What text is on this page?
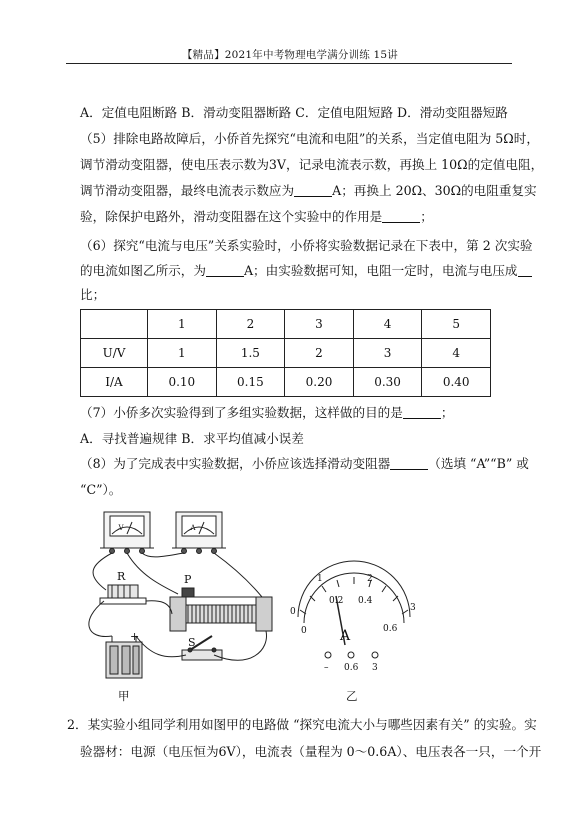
【精品】2021年中考物理电学满分训练 15讲
A．定值电阻断路 B．滑动变阻器断路 C．定值电阻短路 D．滑动变阻器短路
（5）排除电路故障后，小侨首先探究“电流和电阻”的关系，当定值电阻为 5Ω时，
调节滑动变阻器，使电压表示数为3V，记录电流表示数，再换上 10Ω的定值电阻，
调节滑动变阻器，最终电流表示数应为	A；再换上 20Ω、30Ω的电阻重复实
验，除保护电路外，滑动变阻器在这个实验中的作用是	；
（6）探究“电流与电压”关系实验时，小侨将实验数据记录在下表中，第 2 次实验
的电流如图乙所示，为	A；由实验数据可知，电阻一定时，电流与电压成
比；
	1	2	3	4	5
U/V	1	1.5	2	3	4
I/A	0.10	0.15	0.20	0.30	0.40
（7）小侨多次实验得到了多组实验数据，这样做的目的是	；
A．寻找普遍规律 B．求平均值减小误差
（8）为了完成表中实验数据，小侨应该选择滑动变阻器	（选填 “A”“B” 或
“C”）。
V	A
R	P
S
+
0
1	2
3
0
0.2 0.4
0.6
A
– 0.6 3
甲	乙
2．某实验小组同学利用如图甲的电路做 “探究电流大小与哪些因素有关” 的实验。实
验器材：电源（电压恒为6V），电流表（量程为 0～0.6A）、电压表各一只，一个开
